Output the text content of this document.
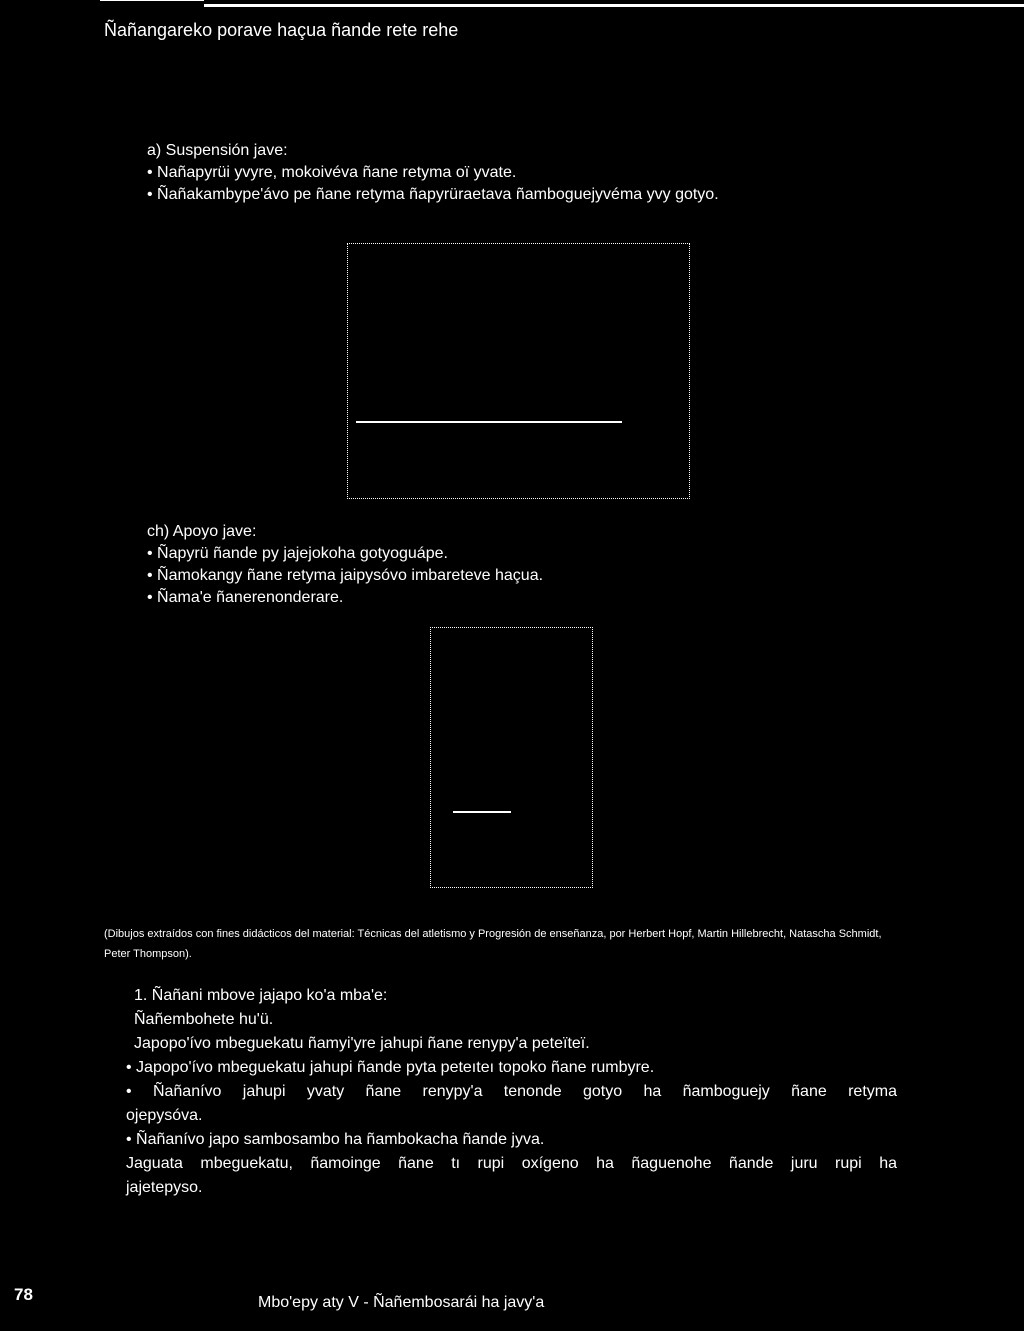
Ñañangareko porave haçua ñande rete rehe
a) Suspensión jave:
• Nañapyrüi yvyre, mokoivéva ñane retyma oï yvate.
• Ñañakambype'ávo pe ñane retyma ñapyrüraetava ñamboguejyvéma yvy gotyo.
ch) Apoyo jave:
• Ñapyrü ñande py jajejokoha gotyoguápe.
• Ñamokangy ñane retyma jaipysóvo imbareteve haçua.
• Ñama'e ñanerenonderare.
(Dibujos extraídos con fines didácticos del material: Técnicas del atletismo y Progresión de enseñanza, por Herbert Hopf, Martin Hillebrecht, Natascha Schmidt, Peter Thompson).
1. Ñañani mbove jajapo ko'a mba'e:
Ñañembohete hu'ü.
Japopo'ívo mbeguekatu ñamyi'yre jahupi ñane renypy'a peteïteï.
• Japopo'ívo mbeguekatu jahupi ñande pyta peteıteı topoko ñane rumbyre.
• Ñañanívo jahupi yvaty ñane renypy'a tenonde gotyo ha ñamboguejy ñane retyma
ojepysóva.
• Ñañanívo japo sambosambo ha ñambokacha ñande jyva.
Jaguata mbeguekatu, ñamoinge ñane tı rupi oxígeno ha ñaguenohe ñande juru rupi ha
jajetepyso.
78	Mbo'epy aty V - Ñañembosarái ha javy'a
